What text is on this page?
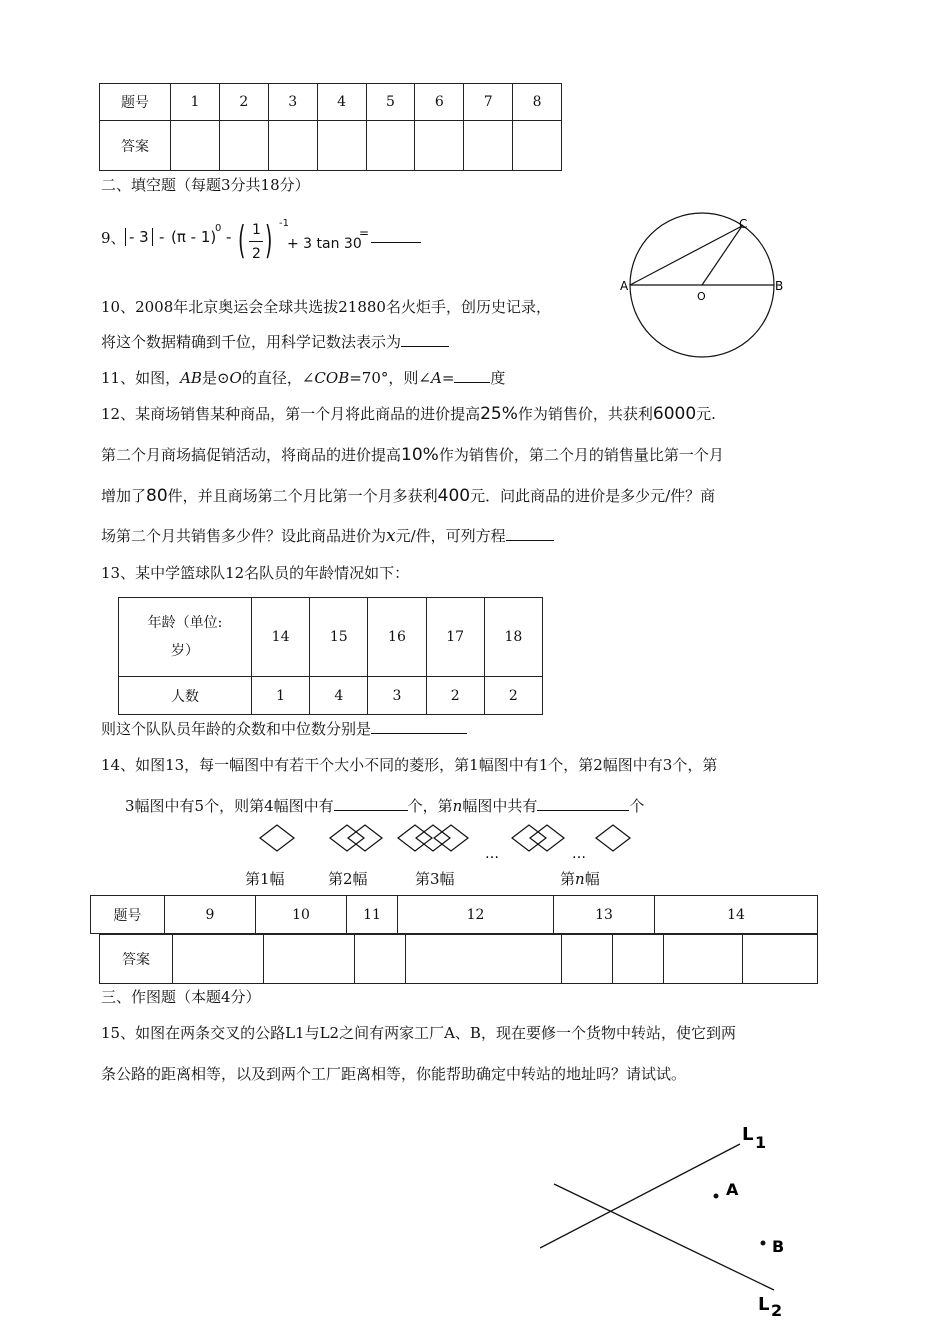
题号	1	2	3	4	5	6	7	8
答案								
二、填空题（每题3分共18分）
9、 - 3 - (π - 1)
0 - ( 1
2 ) -1
+ 3 tan 30
=
A	B
C
O
10、2008年北京奥运会全球共选拔21880名火炬手，创历史记录，
将这个数据精确到千位，用科学记数法表示为
11、如图，AB是⊙O的直径，∠COB=70°，则∠A= 度
12、某商场销售某种商品，第一个月将此商品的进价提高25%作为销售价，共获利6000元.
第二个月商场搞促销活动，将商品的进价提高10%作为销售价，第二个月的销售量比第一个月
增加了80件，并且商场第二个月比第一个月多获利400元．问此商品的进价是多少元/件？商
场第二个月共销售多少件？设此商品进价为x元/件，可列方程
13、某中学篮球队12名队员的年龄情况如下：
年龄（单位:
岁）	14	15	16	17	18
人数	1	4	3	2	2
则这个队队员年龄的众数和中位数分别是
14、如图13，每一幅图中有若干个大小不同的菱形，第1幅图中有1个，第2幅图中有3个，第
3幅图中有5个，则第4幅图中有	个，第n幅图中共有	个
…	…
第1幅	第2幅	第3幅	第n幅
题号	9	10	11	12	13	14
答案								
三、作图题（本题4分）
15、如图在两条交叉的公路L1与L2之间有两家工厂A、B，现在要修一个货物中转站，使它到两
条公路的距离相等，以及到两个工厂距离相等，你能帮助确定中转站的地址吗？请试试。
L 1
L 2
A
B
